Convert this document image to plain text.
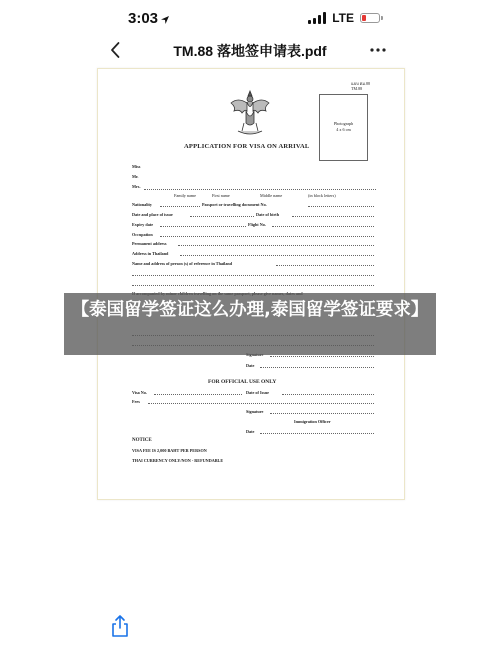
3:03	LTE
TM.88 落地签申请表.pdf
แบบ ตม.88
TM.88
Photograph
4 x 6 cm
APPLICATION FOR VISA ON ARRIVAL
Miss
Mr.
Mrs.
Family name	First name	Middle name	(in block letters)
Nationality	Passport or travelling document No.
Date and place of issue	Date of birth
Expiry date	Flight No.
Occupation
Permanent address
Address in Thailand
Name and address of person (s) of reference in Thailand
Date
FOR OFFICIAL USE ONLY
Visa No.	Date of Issue
Fees
Signature
Immigration Officer
Date
NOTICE
VISA FEE IS 2,000 BAHT PER PERSON
THAI CURRENCY ONLY/NON - REFUNDABLE
【泰国留学签证这么办理,泰国留学签证要求】
